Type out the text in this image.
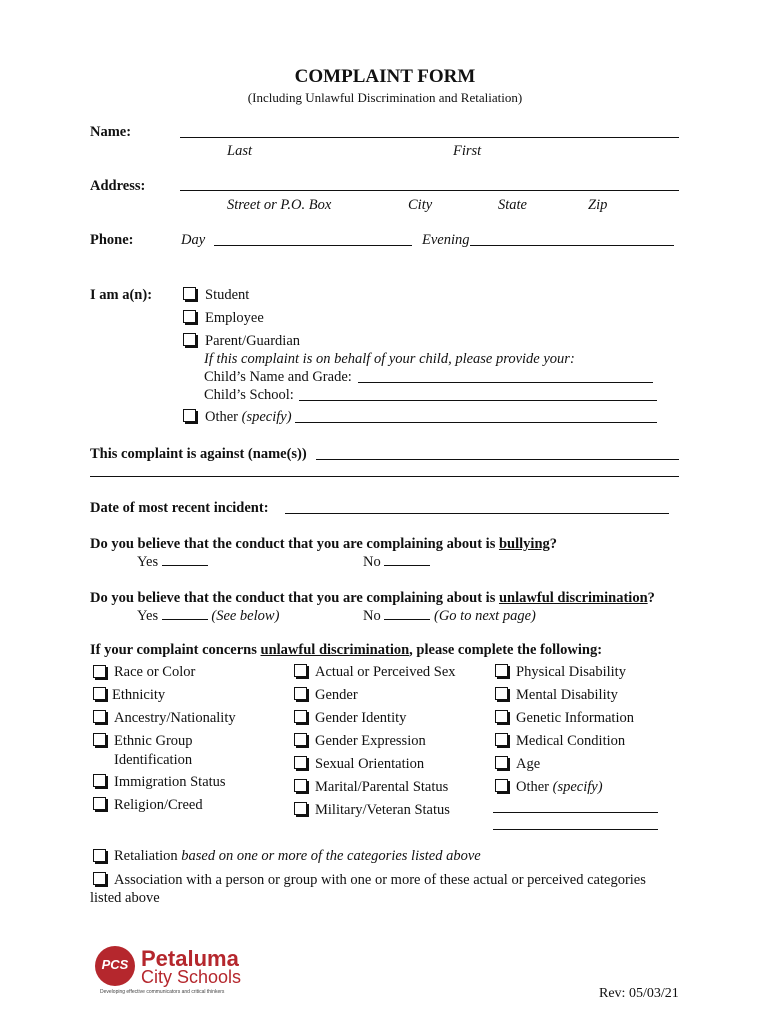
COMPLAINT FORM
(Including Unlawful Discrimination and Retaliation)
Name:
Last	First
Address:
Street or P.O. Box	City	State	Zip
Phone:	Day	Evening
I am a(n):	Student
Employee
Parent/Guardian
If this complaint is on behalf of your child, please provide your:
Child’s Name and Grade:
Child’s School:
Other (specify)
This complaint is against (name(s))
Date of most recent incident:
Do you believe that the conduct that you are complaining about is bullying?
Yes	No
Do you believe that the conduct that you are complaining about is unlawful discrimination?
Yes	(See below)	No	(Go to next page)
If your complaint concerns unlawful discrimination, please complete the following:
Race or Color
Ethnicity
Ancestry/Nationality
Ethnic Group
Identification
Immigration Status
Religion/Creed
Actual or Perceived Sex
Gender
Gender Identity
Gender Expression
Sexual Orientation
Marital/Parental Status
Military/Veteran Status
Physical Disability
Mental Disability
Genetic Information
Medical Condition
Age
Other (specify)
Retaliation based on one or more of the categories listed above
Association with a person or group with one or more of these actual or perceived categories
listed above
PCS Petaluma
City Schools
Developing effective communicators and critical thinkers	Rev: 05/03/21
